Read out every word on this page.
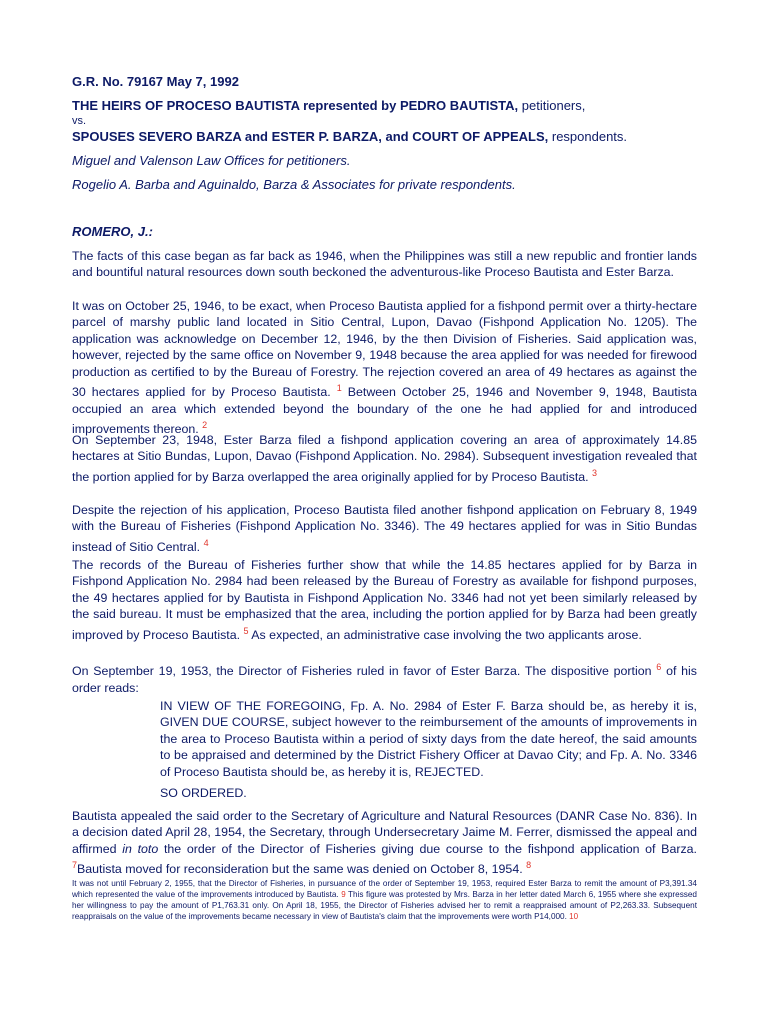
G.R. No. 79167 May 7, 1992
THE HEIRS OF PROCESO BAUTISTA represented by PEDRO BAUTISTA, petitioners,
vs.
SPOUSES SEVERO BARZA and ESTER P. BARZA, and COURT OF APPEALS, respondents.
Miguel and Valenson Law Offices for petitioners.
Rogelio A. Barba and Aguinaldo, Barza & Associates for private respondents.
ROMERO, J.:
The facts of this case began as far back as 1946, when the Philippines was still a new republic and frontier lands and bountiful natural resources down south beckoned the adventurous-like Proceso Bautista and Ester Barza.
It was on October 25, 1946, to be exact, when Proceso Bautista applied for a fishpond permit over a thirty-hectare parcel of marshy public land located in Sitio Central, Lupon, Davao (Fishpond Application No. 1205). The application was acknowledge on December 12, 1946, by the then Division of Fisheries. Said application was, however, rejected by the same office on November 9, 1948 because the area applied for was needed for firewood production as certified to by the Bureau of Forestry. The rejection covered an area of 49 hectares as against the 30 hectares applied for by Proceso Bautista. $^1$ Between October 25, 1946 and November 9, 1948, Bautista occupied an area which extended beyond the boundary of the one he had applied for and introduced improvements thereon. $^2$
On September 23, 1948, Ester Barza filed a fishpond application covering an area of approximately 14.85 hectares at Sitio Bundas, Lupon, Davao (Fishpond Application. No. 2984). Subsequent investigation revealed that the portion applied for by Barza overlapped the area originally applied for by Proceso Bautista. $^3$
Despite the rejection of his application, Proceso Bautista filed another fishpond application on February 8, 1949 with the Bureau of Fisheries (Fishpond Application No. 3346). The 49 hectares applied for was in Sitio Bundas instead of Sitio Central. $^4$
The records of the Bureau of Fisheries further show that while the 14.85 hectares applied for by Barza in Fishpond Application No. 2984 had been released by the Bureau of Forestry as available for fishpond purposes, the 49 hectares applied for by Bautista in Fishpond Application No. 3346 had not yet been similarly released by the said bureau. It must be emphasized that the area, including the portion applied for by Barza had been greatly improved by Proceso Bautista. $^5$ As expected, an administrative case involving the two applicants arose.
On September 19, 1953, the Director of Fisheries ruled in favor of Ester Barza. The dispositive portion $^6$ of his order reads:
IN VIEW OF THE FOREGOING, Fp. A. No. 2984 of Ester F. Barza should be, as hereby it is, GIVEN DUE COURSE, subject however to the reimbursement of the amounts of improvements in the area to Proceso Bautista within a period of sixty days from the date hereof, the said amounts to be appraised and determined by the District Fishery Officer at Davao City; and Fp. A. No. 3346 of Proceso Bautista should be, as hereby it is, REJECTED.
SO ORDERED.
Bautista appealed the said order to the Secretary of Agriculture and Natural Resources (DANR Case No. 836). In a decision dated April 28, 1954, the Secretary, through Undersecretary Jaime M. Ferrer, dismissed the appeal and affirmed in toto the order of the Director of Fisheries giving due course to the fishpond application of Barza. $^7$Bautista moved for reconsideration but the same was denied on October 8, 1954. $^8$
It was not until February 2, 1955, that the Director of Fisheries, in pursuance of the order of September 19, 1953, required Ester Barza to remit the amount of P3,391.34 which represented the value of the improvements introduced by Bautista. 9 This figure was protested by Mrs. Barza in her letter dated March 6, 1955 where she expressed her willingness to pay the amount of P1,763.31 only. On April 18, 1955, the Director of Fisheries advised her to remit a reappraised amount of P2,263.33. Subsequent reappraisals on the value of the improvements became necessary in view of Bautista's claim that the improvements were worth P14,000. 10
